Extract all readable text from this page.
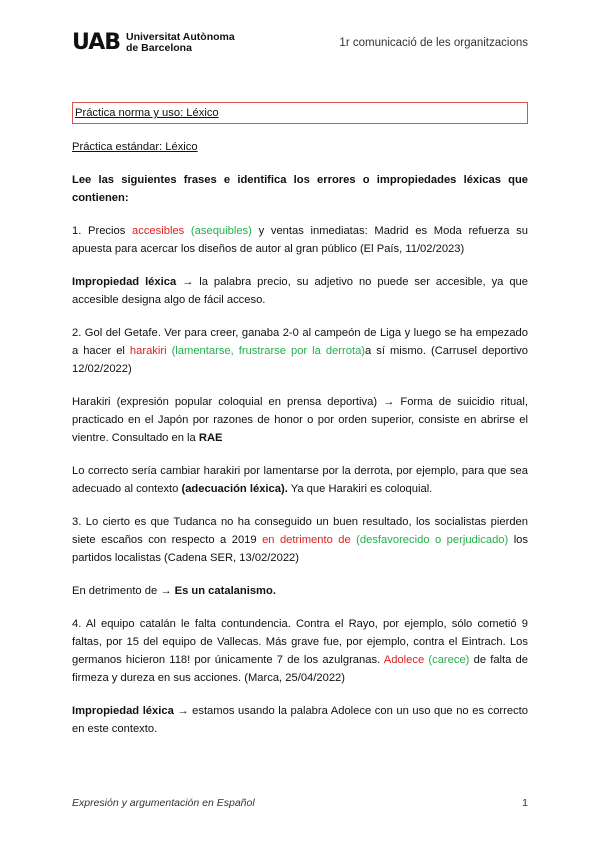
UAB Universitat Autònoma
de Barcelona	1r comunicació de les organitzacions
Práctica norma y uso: Léxico

Práctica estándar: Léxico

Lee las siguientes frases e identifica los errores o impropiedades léxicas que contienen:

1. Precios accesibles (asequibles) y ventas inmediatas: Madrid es Moda refuerza su apuesta para acercar los diseños de autor al gran público (El País, 11/02/2023)

Impropiedad léxica → la palabra precio, su adjetivo no puede ser accesible, ya que accesible designa algo de fácil acceso.

2. Gol del Getafe. Ver para creer, ganaba 2-0 al campeón de Liga y luego se ha empezado a hacer el harakiri (lamentarse, frustrarse por la derrota)a sí mismo. (Carrusel deportivo 12/02/2022)

Harakiri (expresión popular coloquial en prensa deportiva) → Forma de suicidio ritual, practicado en el Japón por razones de honor o por orden superior, consiste en abrirse el vientre. Consultado en la RAE

Lo correcto sería cambiar harakiri por lamentarse por la derrota, por ejemplo, para que sea adecuado al contexto (adecuación léxica). Ya que Harakiri es coloquial.

3. Lo cierto es que Tudanca no ha conseguido un buen resultado, los socialistas pierden siete escaños con respecto a 2019 en detrimento de (desfavorecido o perjudicado) los partidos localistas (Cadena SER, 13/02/2022)

En detrimento de → Es un catalanismo.

4. Al equipo catalán le falta contundencia. Contra el Rayo, por ejemplo, sólo cometió 9 faltas, por 15 del equipo de Vallecas. Más grave fue, por ejemplo, contra el Eintrach. Los germanos hicieron 118! por únicamente 7 de los azulgranas. Adolece (carece) de falta de firmeza y dureza en sus acciones. (Marca, 25/04/2022)

Impropiedad léxica → estamos usando la palabra Adolece con un uso que no es correcto en este contexto.

Expresión y argumentación en Español	1
